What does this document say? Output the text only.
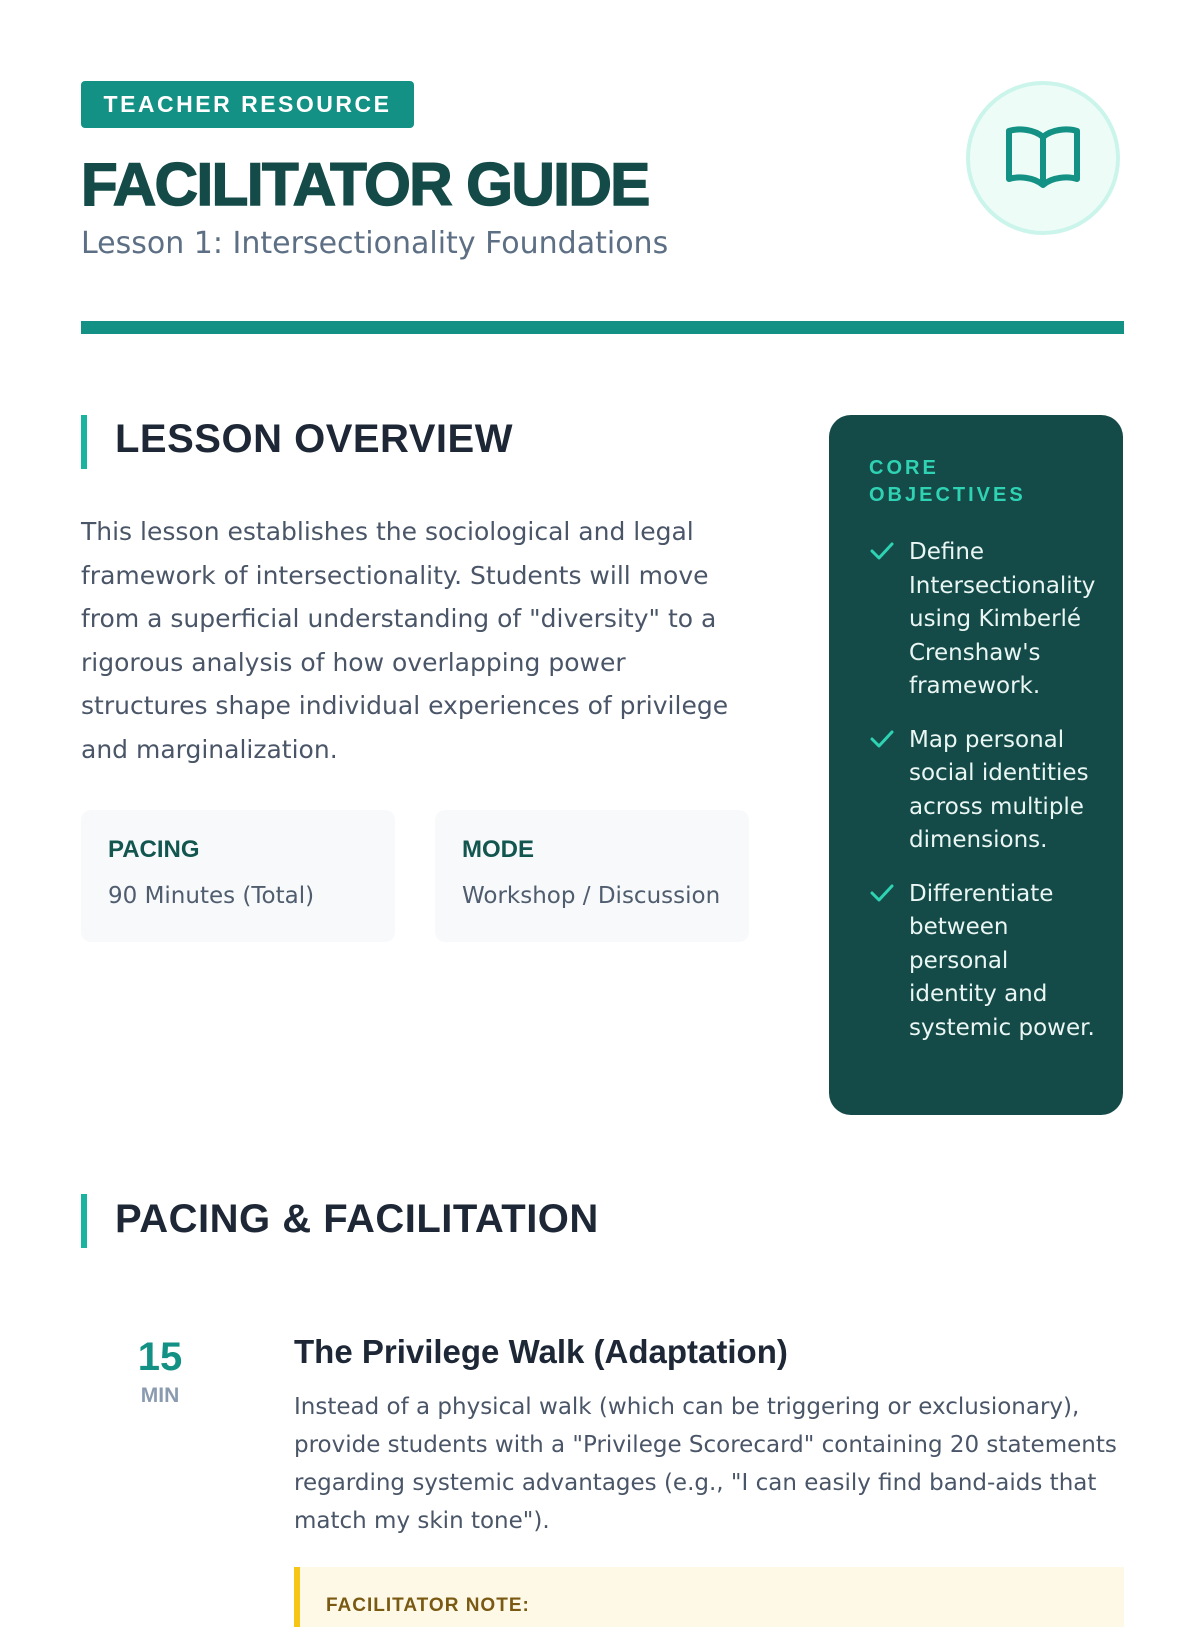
TEACHER RESOURCE
FACILITATOR GUIDE
Lesson 1: Intersectionality Foundations
LESSON OVERVIEW

This lesson establishes the sociological and legal framework of intersectionality. Students will move from a superficial understanding of "diversity" to a rigorous analysis of how overlapping power structures shape individual experiences of privilege and marginalization.

PACING
90 Minutes (Total)
MODE
Workshop / Discussion
CORE OBJECTIVES
Define Intersectionality using Kimberlé Crenshaw's framework.
Map personal social identities across multiple dimensions.
Differentiate between personal identity and systemic power.
PACING & FACILITATION
15
MIN
The Privilege Walk (Adaptation)

Instead of a physical walk (which can be triggering or exclusionary), provide students with a "Privilege Scorecard" containing 20 statements regarding systemic advantages (e.g., "I can easily find band-aids that match my skin tone").

FACILITATOR NOTE:
